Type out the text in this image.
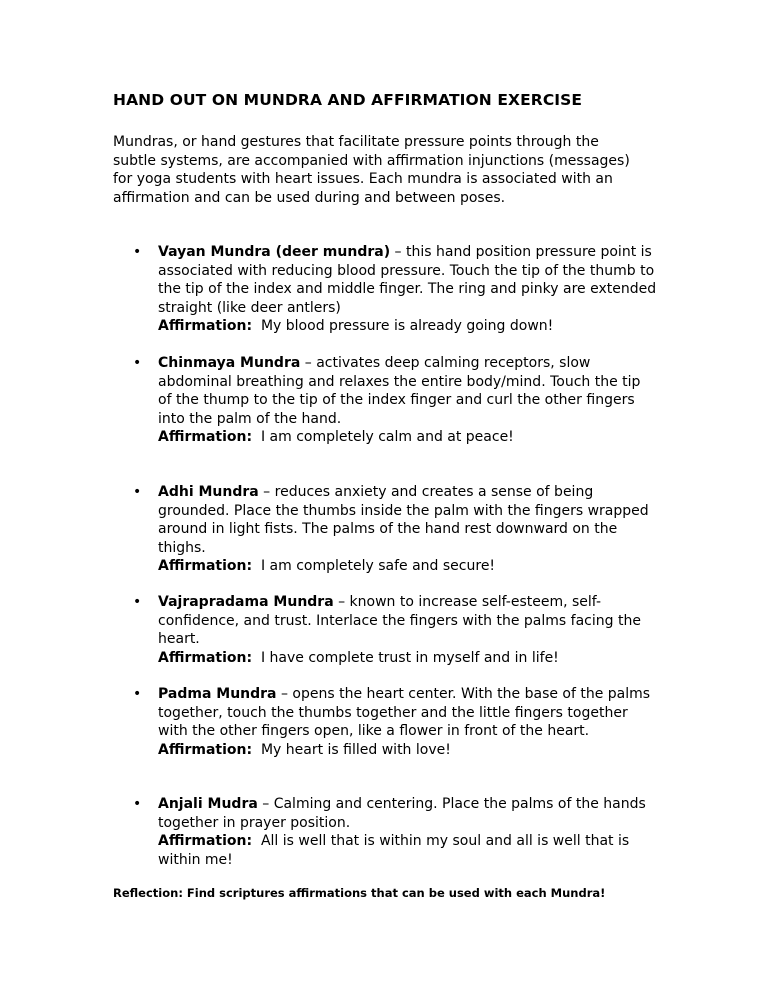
HAND OUT ON MUNDRA AND AFFIRMATION EXERCISE
Mundras, or hand gestures that facilitate pressure points through the subtle systems, are accompanied with affirmation injunctions (messages) for yoga students with heart issues. Each mundra is associated with an affirmation and can be used during and between poses.
• Vayan Mundra (deer mundra) – this hand position pressure point is associated with reducing blood pressure. Touch the tip of the thumb to the tip of the index and middle finger. The ring and pinky are extended straight (like deer antlers)
Affirmation: My blood pressure is already going down!
• Chinmaya Mundra – activates deep calming receptors, slow abdominal breathing and relaxes the entire body/mind. Touch the tip of the thump to the tip of the index finger and curl the other fingers into the palm of the hand.
Affirmation: I am completely calm and at peace!
• Adhi Mundra – reduces anxiety and creates a sense of being grounded. Place the thumbs inside the palm with the fingers wrapped around in light fists. The palms of the hand rest downward on the thighs.
Affirmation: I am completely safe and secure!
• Vajrapradama Mundra – known to increase self-esteem, self-confidence, and trust. Interlace the fingers with the palms facing the heart.
Affirmation: I have complete trust in myself and in life!
• Padma Mundra – opens the heart center. With the base of the palms together, touch the thumbs together and the little fingers together with the other fingers open, like a flower in front of the heart.
Affirmation: My heart is filled with love!
• Anjali Mudra – Calming and centering. Place the palms of the hands together in prayer position.
Affirmation: All is well that is within my soul and all is well that is within me!
Reflection: Find scriptures affirmations that can be used with each Mundra!
